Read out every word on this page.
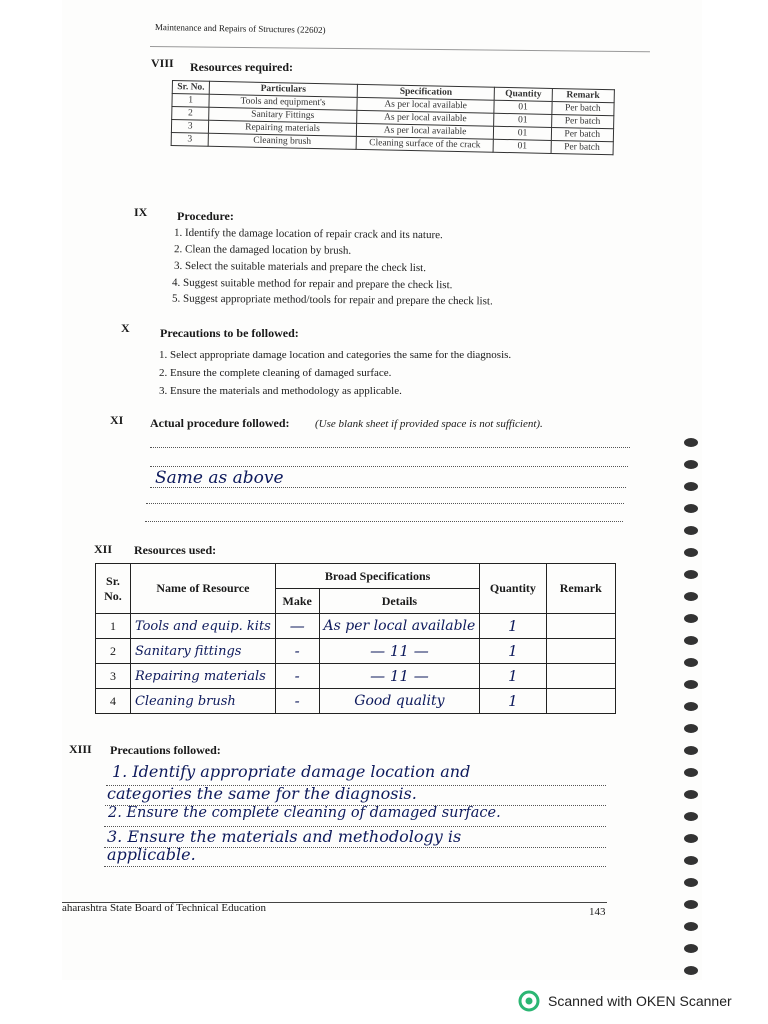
Maintenance and Repairs of Structures (22602)
VIII Resources required:
Sr. No.	Particulars	Specification	Quantity	Remark
1	Tools and equipment's	As per local available	01	Per batch
2	Sanitary Fittings	As per local available	01	Per batch
3	Repairing materials	As per local available	01	Per batch
3	Cleaning brush	Cleaning surface of the crack	01	Per batch
IX Procedure:
1. Identify the damage location of repair crack and its nature.
2. Clean the damaged location by brush.
3. Select the suitable materials and prepare the check list.
4. Suggest suitable method for repair and prepare the check list.
5. Suggest appropriate method/tools for repair and prepare the check list.
X	Precautions to be followed:
1. Select appropriate damage location and categories the same for the diagnosis.
2. Ensure the complete cleaning of damaged surface.
3. Ensure the materials and methodology as applicable.
XI Actual procedure followed: (Use blank sheet if provided space is not sufficient).
Same as above
XII Resources used:
Sr. No.	Name of Resource	Broad Specifications		Quantity	Remark
		Make	Details		
1	Tools and equip. kits	—	As per local available	1	
2	Sanitary fittings	-	— 11 —	1	
3	Repairing materials	-	— 11 —	1	
4	Cleaning brush	-	Good quality	1	
XIII Precautions followed:
1. Identify appropriate damage location and
categories the same for the diagnosis.
2. Ensure the complete cleaning of damaged surface.
3. Ensure the materials and methodology is
applicable.
aharashtra State Board of Technical Education	143
Scanned with OKEN Scanner
